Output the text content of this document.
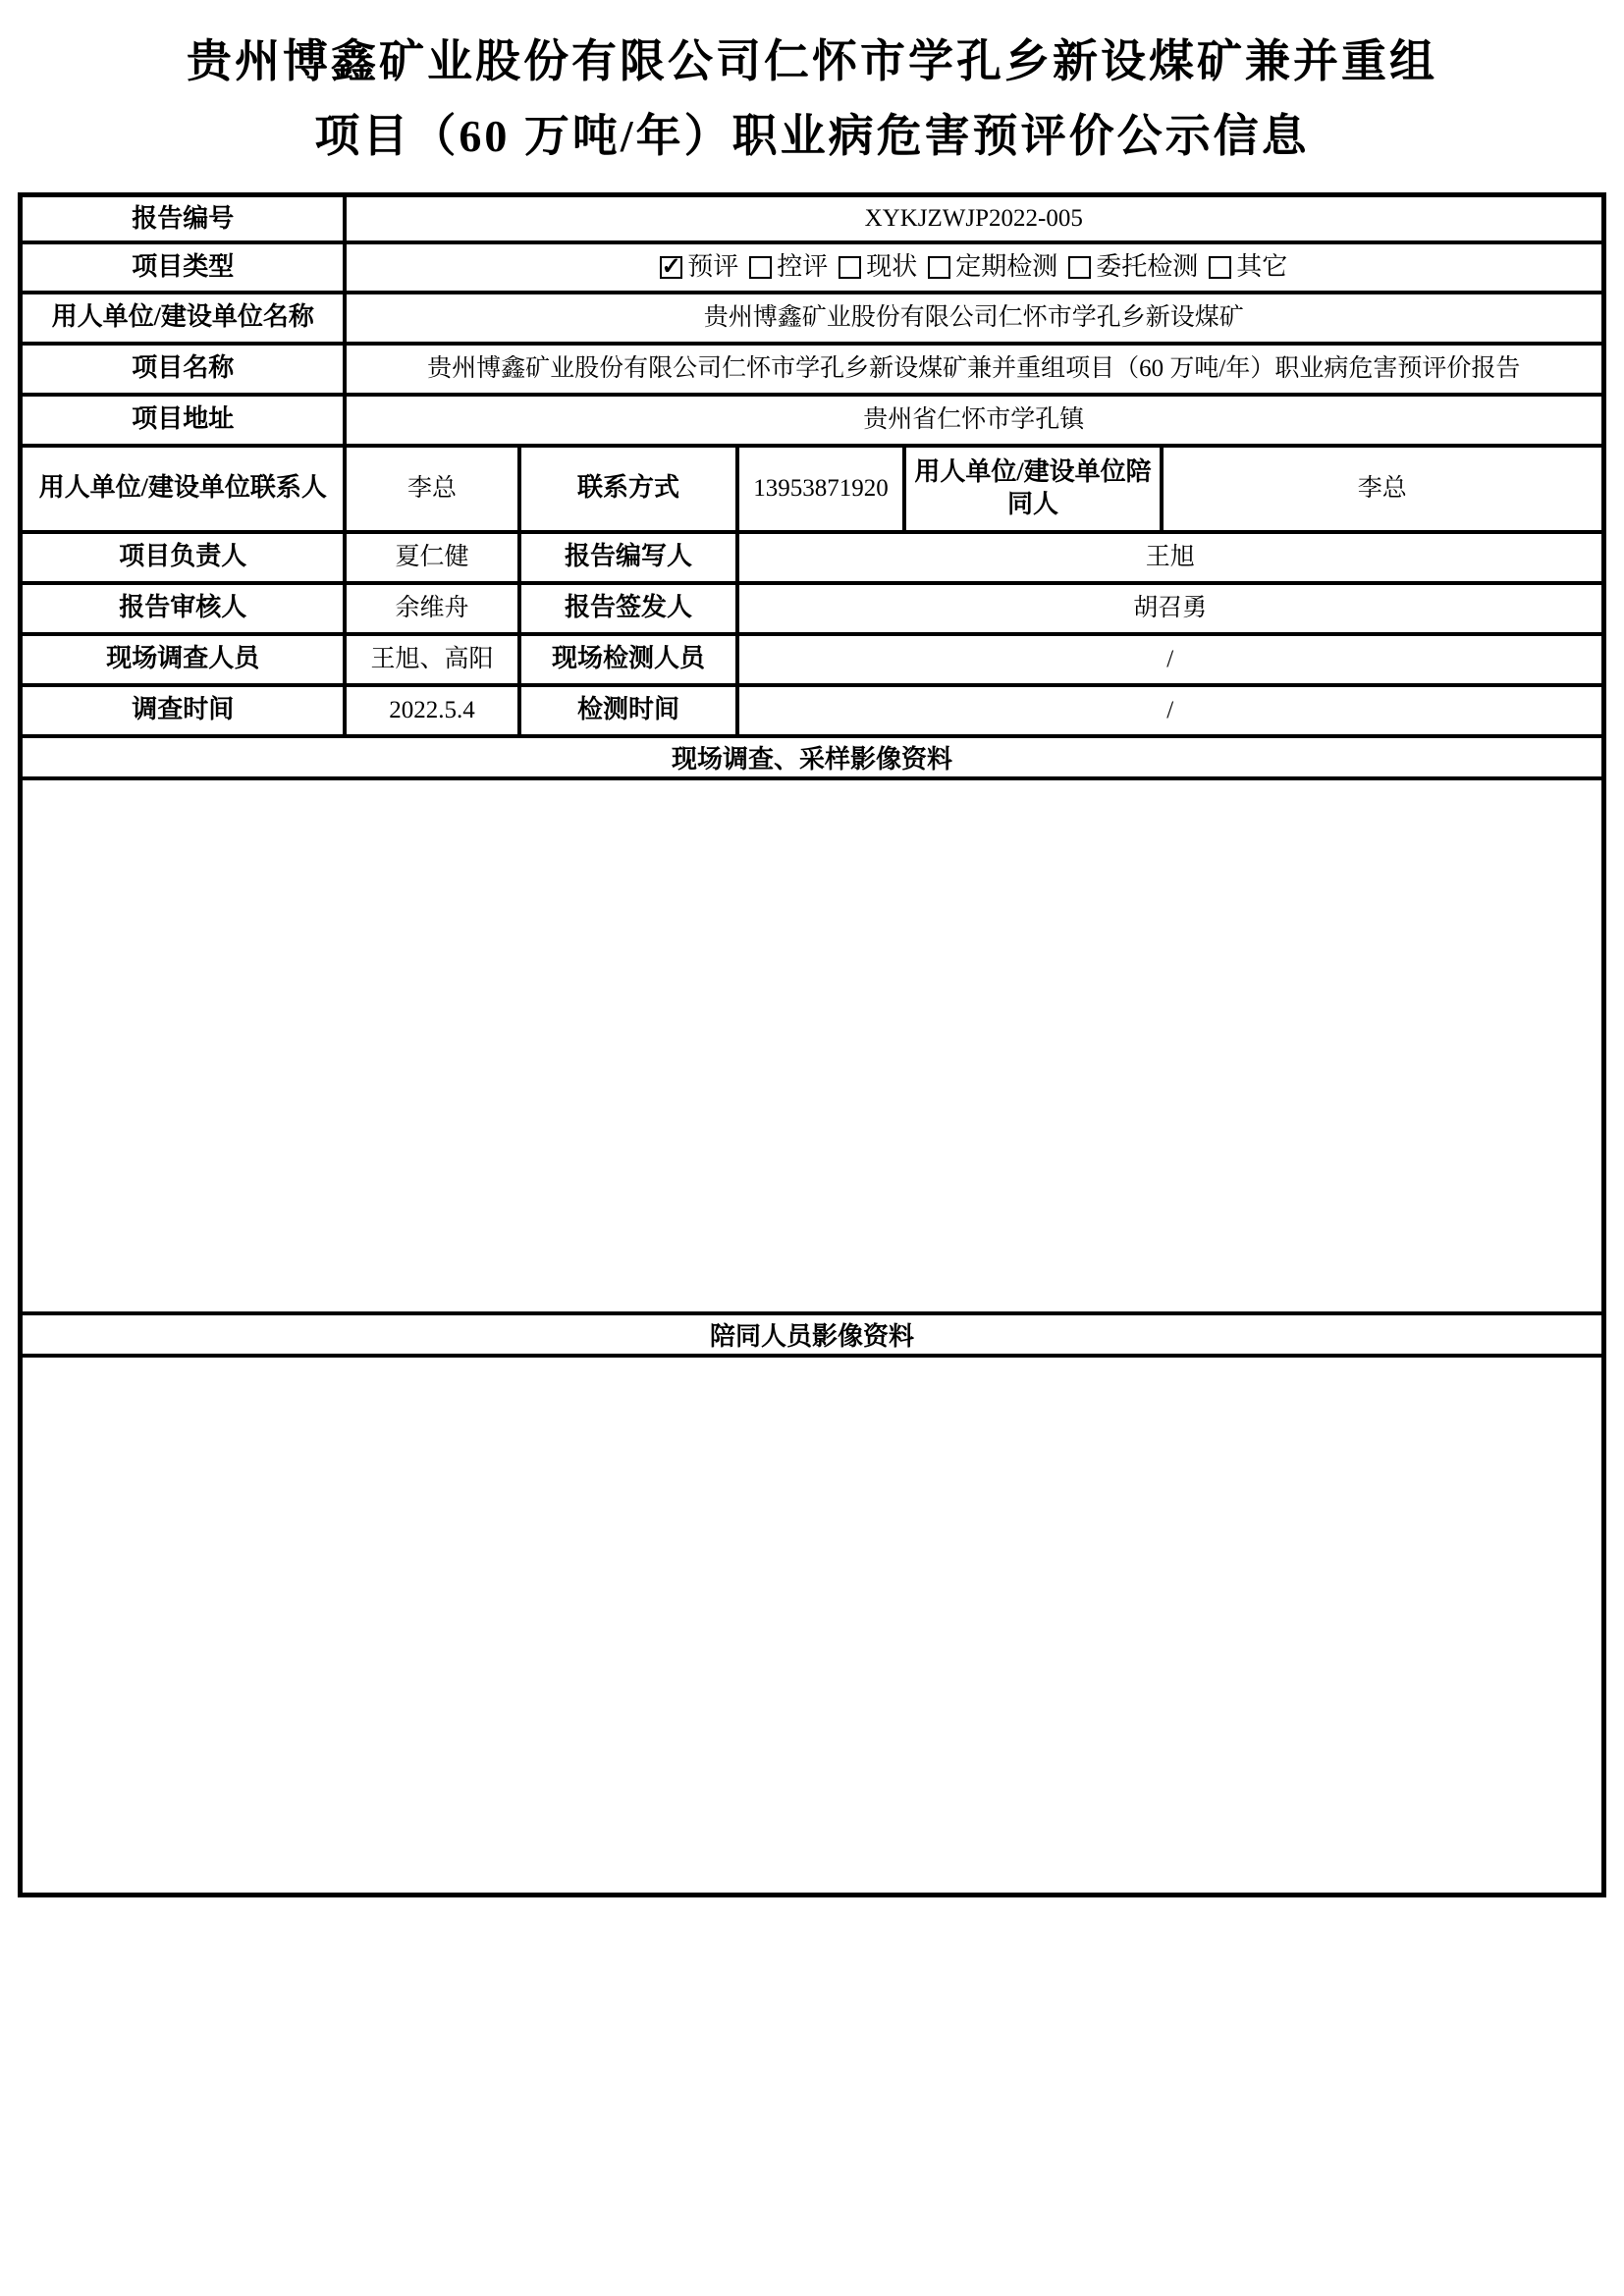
贵州博鑫矿业股份有限公司仁怀市学孔乡新设煤矿兼并重组
项目（60 万吨/年）职业病危害预评价公示信息
报告编号	XYKJZWJP2022-005				
项目类型	✓ 预评 控评 现状 定期检测 委托检测 其它

用人单位/建设单位名称	贵州博鑫矿业股份有限公司仁怀市学孔乡新设煤矿				
项目名称	贵州博鑫矿业股份有限公司仁怀市学孔乡新设煤矿兼并重组项目（60 万吨/年）职业病危害预评价报告				
项目地址	贵州省仁怀市学孔镇				
用人单位/建设单位联系人	李总	联系方式	13953871920	用人单位/建设单位陪同人	李总
项目负责人	夏仁健	报告编写人	王旭		
报告审核人	余维舟	报告签发人	胡召勇		
现场调查人员	王旭、高阳	现场检测人员	/		
调查时间	2022.5.4	检测时间	/		
现场调查、采样影像资料					

陪同人员影像资料					
